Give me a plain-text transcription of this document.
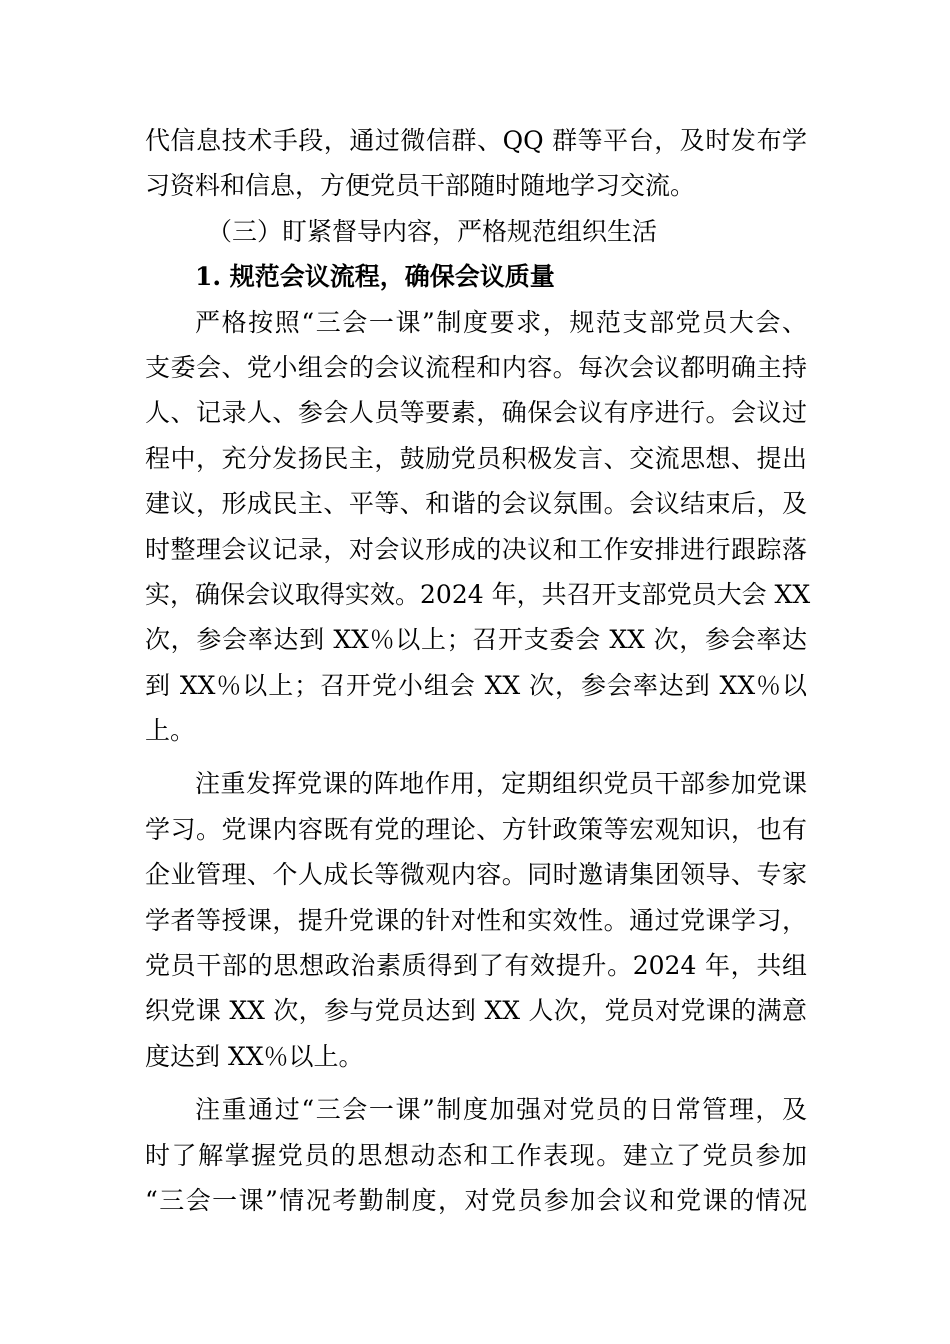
代信息技术手段，通过微信群、QQ 群等平台，及时发布学
习资料和信息，方便党员干部随时随地学习交流。
（三）盯紧督导内容，严格规范组织生活
1. 规范会议流程，确保会议质量
严格按照“三会一课”制度要求，规范支部党员大会、
支委会、党小组会的会议流程和内容。每次会议都明确主持
人、记录人、参会人员等要素，确保会议有序进行。会议过
程中，充分发扬民主，鼓励党员积极发言、交流思想、提出
建议，形成民主、平等、和谐的会议氛围。会议结束后，及
时整理会议记录，对会议形成的决议和工作安排进行跟踪落
实，确保会议取得实效。2024 年，共召开支部党员大会 XX
次，参会率达到 XX％以上；召开支委会 XX 次，参会率达
到 XX％以上；召开党小组会 XX 次，参会率达到 XX％以
上。
注重发挥党课的阵地作用，定期组织党员干部参加党课
学习。党课内容既有党的理论、方针政策等宏观知识，也有
企业管理、个人成长等微观内容。同时邀请集团领导、专家
学者等授课，提升党课的针对性和实效性。通过党课学习，
党员干部的思想政治素质得到了有效提升。2024 年，共组
织党课 XX 次，参与党员达到 XX 人次，党员对党课的满意
度达到 XX％以上。
注重通过“三会一课”制度加强对党员的日常管理，及
时了解掌握党员的思想动态和工作表现。建立了党员参加
“三会一课”情况考勤制度，对党员参加会议和党课的情况
